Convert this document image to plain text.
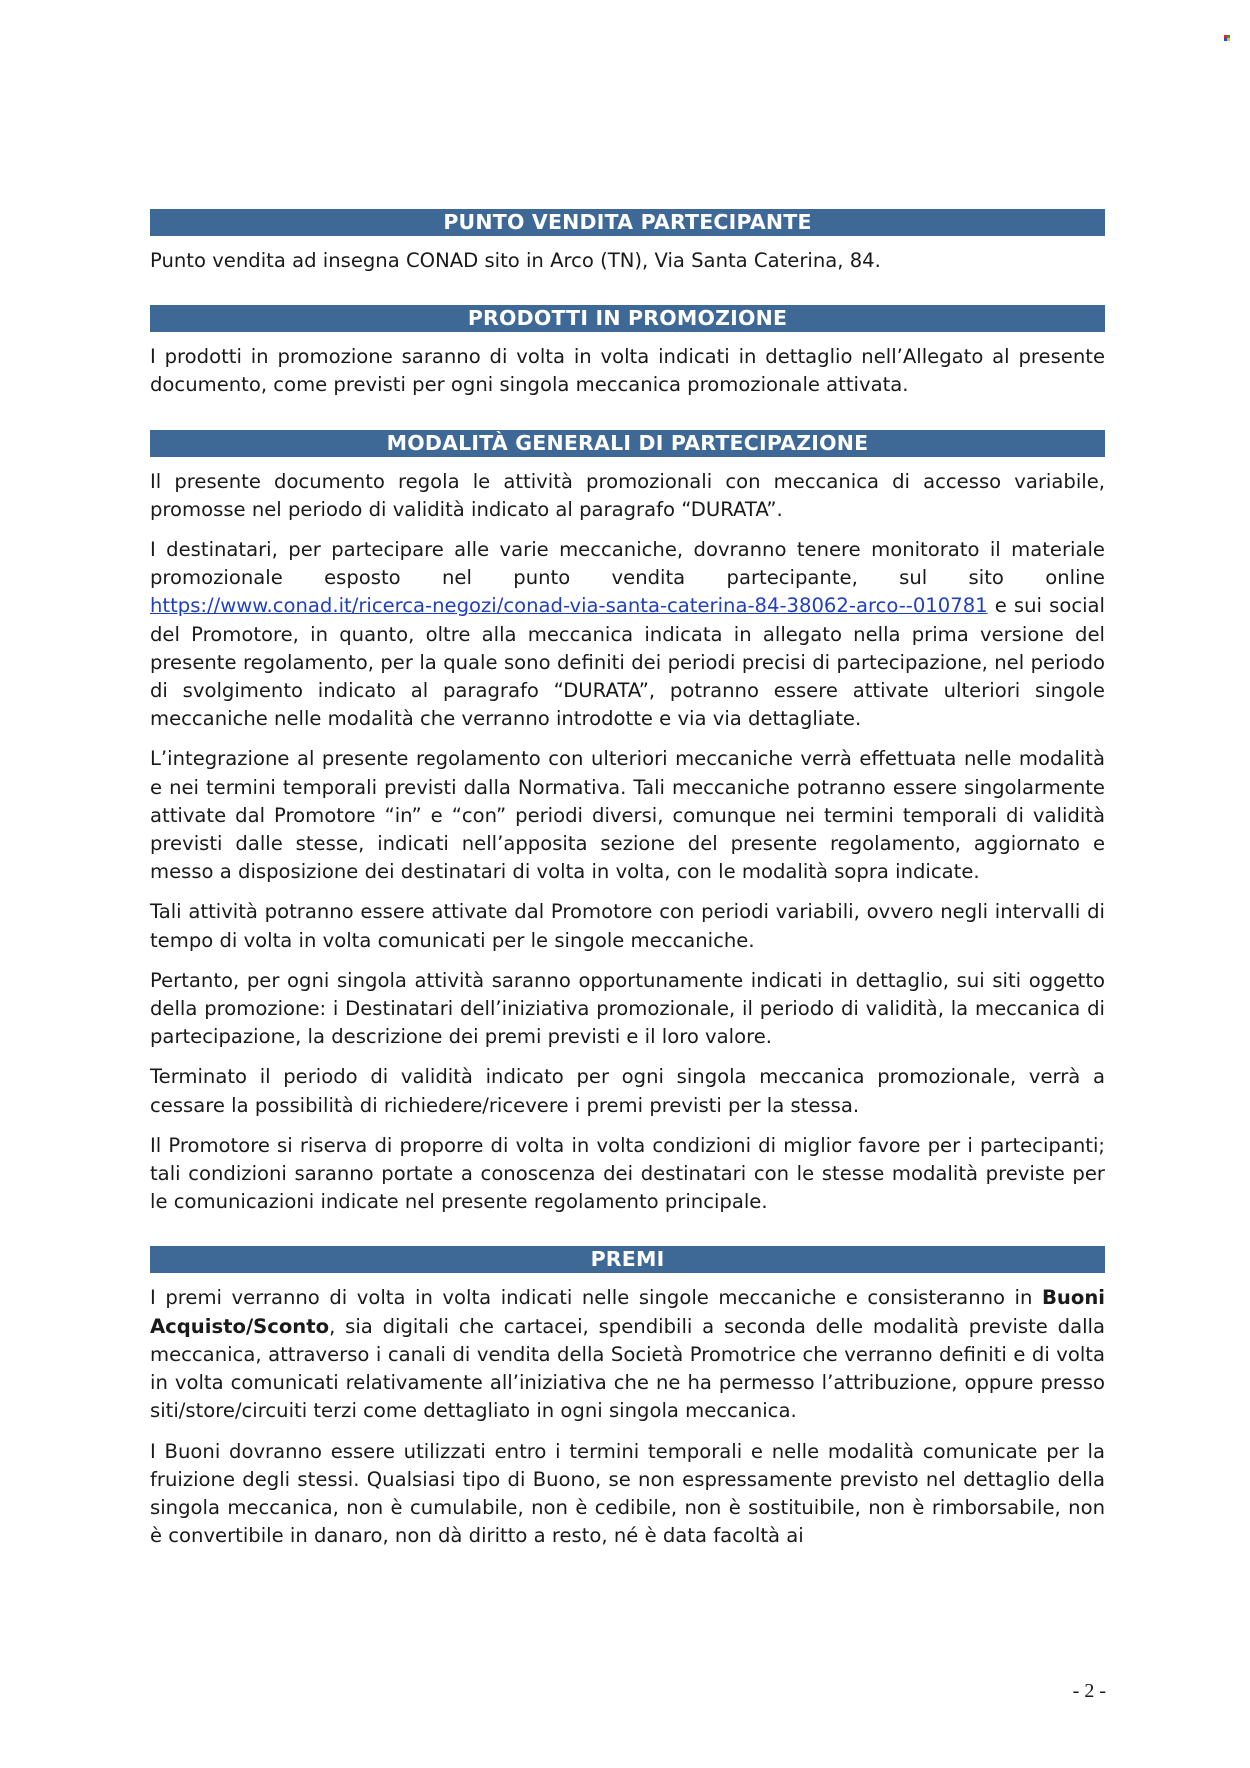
PUNTO VENDITA PARTECIPANTE

Punto vendita ad insegna CONAD sito in Arco (TN), Via Santa Caterina, 84.

PRODOTTI IN PROMOZIONE

I prodotti in promozione saranno di volta in volta indicati in dettaglio nell’Allegato al presente documento, come previsti per ogni singola meccanica promozionale attivata.

MODALITÀ GENERALI DI PARTECIPAZIONE

Il presente documento regola le attività promozionali con meccanica di accesso variabile, promosse nel periodo di validità indicato al paragrafo “DURATA”.

I destinatari, per partecipare alle varie meccaniche, dovranno tenere monitorato il materiale promozionale esposto nel punto vendita partecipante, sul sito online https://www.conad.it/ricerca-negozi/conad-via-santa-caterina-84-38062-arco--010781 e sui social del Promotore, in quanto, oltre alla meccanica indicata in allegato nella prima versione del presente regolamento, per la quale sono definiti dei periodi precisi di partecipazione, nel periodo di svolgimento indicato al paragrafo “DURATA”, potranno essere attivate ulteriori singole meccaniche nelle modalità che verranno introdotte e via via dettagliate.

L’integrazione al presente regolamento con ulteriori meccaniche verrà effettuata nelle modalità e nei termini temporali previsti dalla Normativa. Tali meccaniche potranno essere singolarmente attivate dal Promotore “in” e “con” periodi diversi, comunque nei termini temporali di validità previsti dalle stesse, indicati nell’apposita sezione del presente regolamento, aggiornato e messo a disposizione dei destinatari di volta in volta, con le modalità sopra indicate.

Tali attività potranno essere attivate dal Promotore con periodi variabili, ovvero negli intervalli di tempo di volta in volta comunicati per le singole meccaniche.

Pertanto, per ogni singola attività saranno opportunamente indicati in dettaglio, sui siti oggetto della promozione: i Destinatari dell’iniziativa promozionale, il periodo di validità, la meccanica di partecipazione, la descrizione dei premi previsti e il loro valore.

Terminato il periodo di validità indicato per ogni singola meccanica promozionale, verrà a cessare la possibilità di richiedere/ricevere i premi previsti per la stessa.

Il Promotore si riserva di proporre di volta in volta condizioni di miglior favore per i partecipanti; tali condizioni saranno portate a conoscenza dei destinatari con le stesse modalità previste per le comunicazioni indicate nel presente regolamento principale.

PREMI

I premi verranno di volta in volta indicati nelle singole meccaniche e consisteranno in Buoni Acquisto/Sconto, sia digitali che cartacei, spendibili a seconda delle modalità previste dalla meccanica, attraverso i canali di vendita della Società Promotrice che verranno definiti e di volta in volta comunicati relativamente all’iniziativa che ne ha permesso l’attribuzione, oppure presso siti/store/circuiti terzi come dettagliato in ogni singola meccanica.

I Buoni dovranno essere utilizzati entro i termini temporali e nelle modalità comunicate per la fruizione degli stessi. Qualsiasi tipo di Buono, se non espressamente previsto nel dettaglio della singola meccanica, non è cumulabile, non è cedibile, non è sostituibile, non è rimborsabile, non è convertibile in danaro, non dà diritto a resto, né è data facoltà ai

- 2 -
